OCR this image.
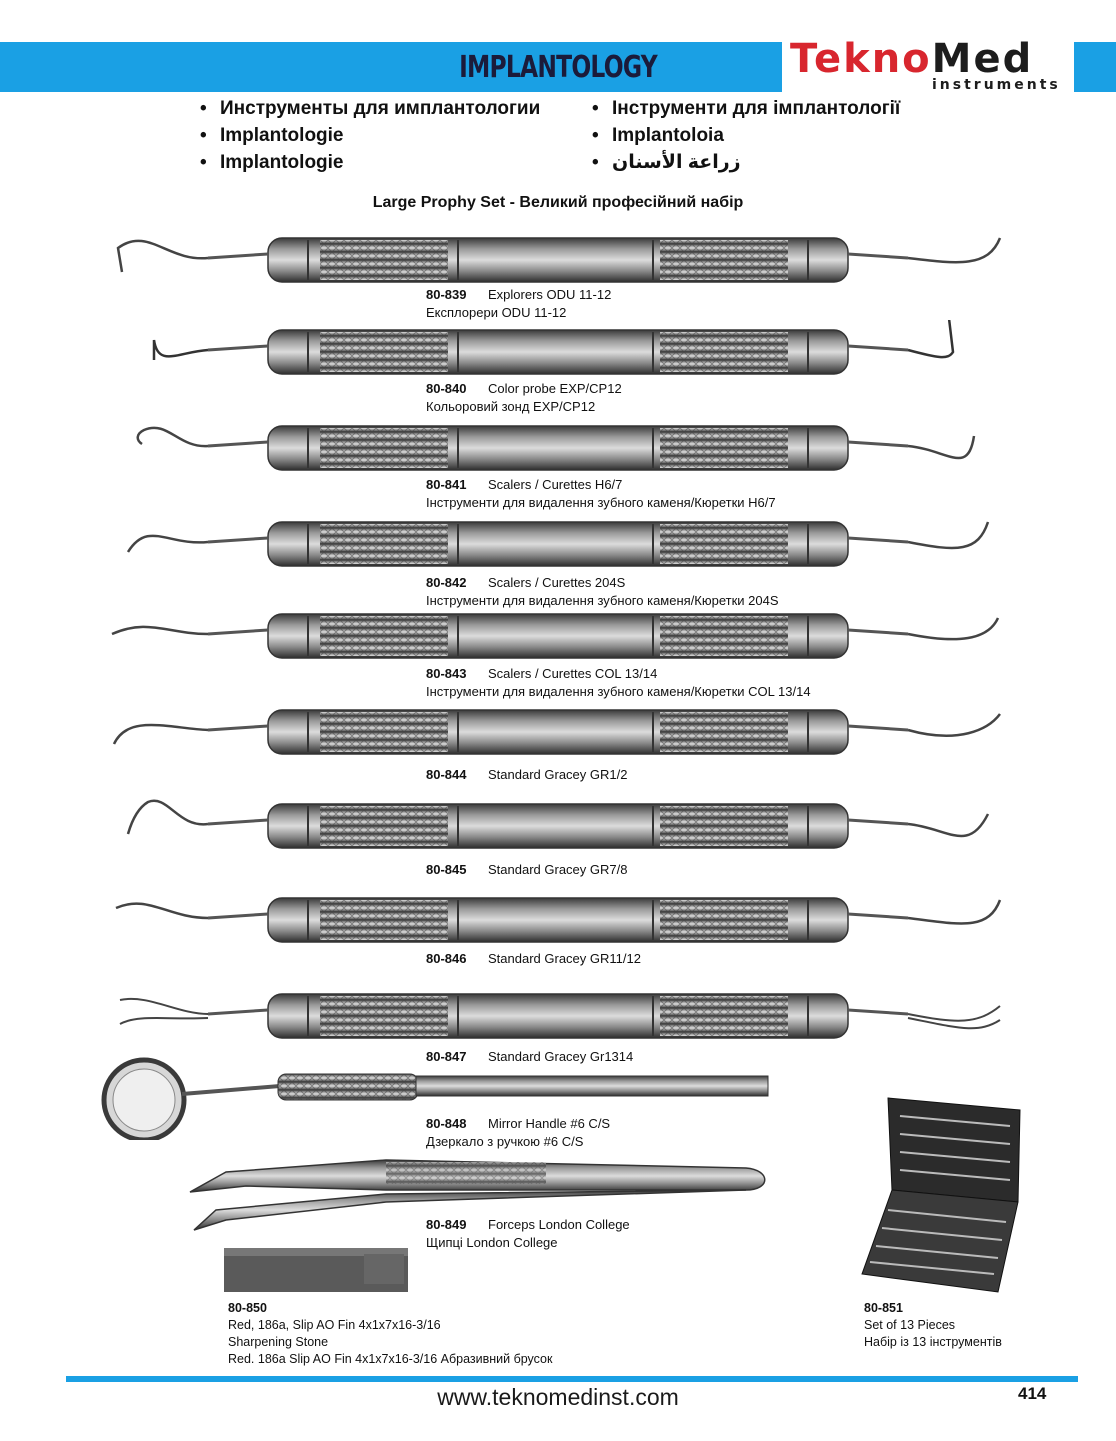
IMPLANTOLOGY	TeknoMed
instruments
• Инструменты для имплантологии
• Implantologie
• Implantologie
• Інструменти для імплантології
• Implantoloia
• زراعة الأسنان
Large Prophy Set - Великий професійний набір
80-839 Explorers ODU 11-12
Експлорери ODU 11-12
80-840 Color probe EXP/CP12
Кольоровий зонд EXP/CP12
80-841 Scalers / Curettes H6/7
Інструменти для видалення зубного каменя/Кюретки H6/7
80-842 Scalers / Curettes 204S
Інструменти для видалення зубного каменя/Кюретки 204S
80-843 Scalers / Curettes COL 13/14
Інструменти для видалення зубного каменя/Кюретки COL 13/14
80-844 Standard Gracey GR1/2
80-845 Standard Gracey GR7/8
80-846 Standard Gracey GR11/12
80-847 Standard Gracey Gr1314
80-848 Mirror Handle #6 C/S
Дзеркало з ручкою #6 C/S
80-849 Forceps London College
Щипці London College
80-850
Red, 186a, Slip AO Fin 4x1x7x16-3/16
Sharpening Stone
Red. 186a Slip AO Fin 4x1x7x16-3/16 Абразивний брусок
80-851
Set of 13 Pieces
Набір із 13 інструментів
www.teknomedinst.com	414
